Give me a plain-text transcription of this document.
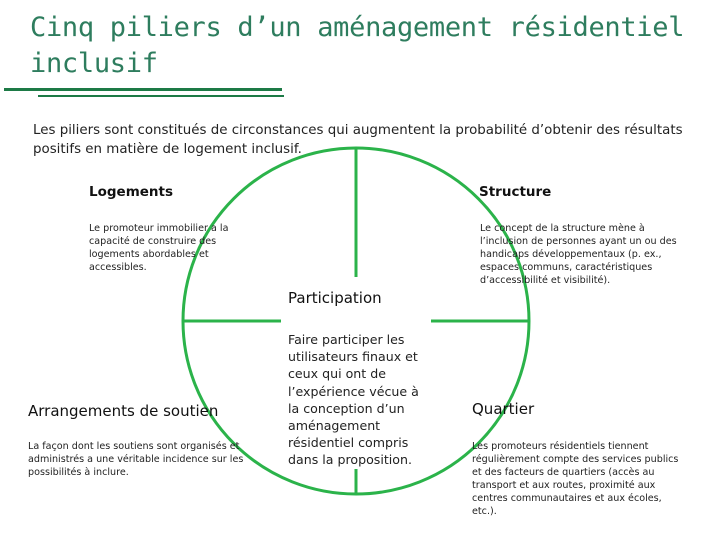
Cinq piliers d’un aménagement résidentiel inclusif
Les piliers sont constitués de circonstances qui augmentent la probabilité d’obtenir des résultats positifs en matière de logement inclusif.
Logements
Le promoteur immobilier a la capacité de construire des logements abordables et accessibles.
Structure
Le concept de la structure mène à l’inclusion de personnes ayant un ou des handicaps développementaux (p. ex., espaces communs, caractéristiques d’accessibilité et visibilité).
Participation
Faire participer les utilisateurs finaux et ceux qui ont de l’expérience vécue à la conception d’un aménagement résidentiel compris dans la proposition.
Arrangements de soutien
La façon dont les soutiens sont organisés et administrés a une véritable incidence sur les possibilités à inclure.
Quartier
Les promoteurs résidentiels tiennent régulièrement compte des services publics et des facteurs de quartiers (accès au transport et aux routes, proximité aux centres communautaires et aux écoles, etc.).
